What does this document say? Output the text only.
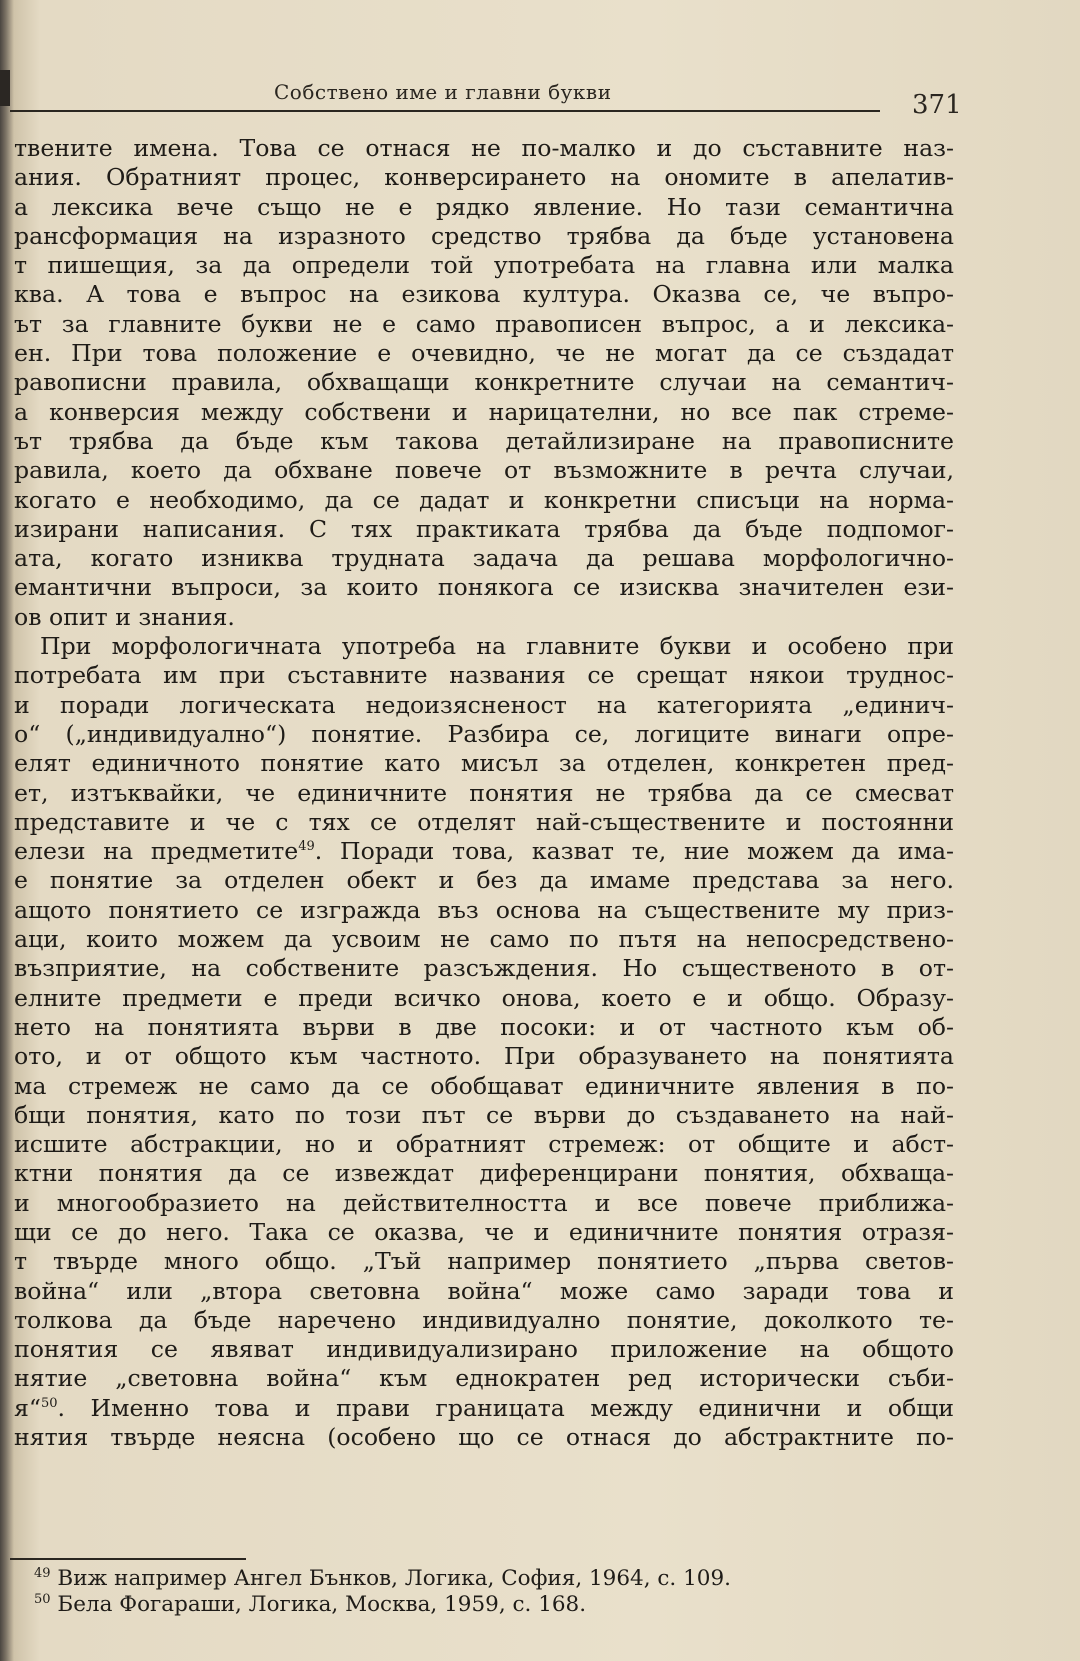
Собствено име и главни букви	371
твените имена. Това се отнася не по-малко и до съставните наз-
ания. Обратният процес, конверсирането на ономите в апелатив-
а лексика вече също не е рядко явление. Но тази семантична
рансформация на изразното средство трябва да бъде установена
т пишещия, за да определи той употребата на главна или малка
ква. А това е въпрос на езикова култура. Оказва се, че въпро-
ът за главните букви не е само правописен въпрос, а и лексика-
ен. При това положение е очевидно, че не могат да се създадат
равописни правила, обхващащи конкретните случаи на семантич-
а конверсия между собствени и нарицателни, но все пак стреме-
ът трябва да бъде към такова детайлизиране на правописните
равила, което да обхване повече от възможните в речта случаи,
когато е необходимо, да се дадат и конкретни списъци на норма-
изирани написания. С тях практиката трябва да бъде подпомог-
ата, когато изниква трудната задача да решава морфологично-
емантични въпроси, за които понякога се изисква значителен ези-
ов опит и знания.
При морфологичната употреба на главните букви и особено при
потребата им при съставните названия се срещат някои труднос-
и поради логическата недоизясненост на категорията „единич-
о“ („индивидуално“) понятие. Разбира се, логиците винаги опре-
елят единичното понятие като мисъл за отделен, конкретен пред-
ет, изтъквайки, че единичните понятия не трябва да се смесват
представите и че с тях се отделят най-съществените и постоянни
елези на предметите$^{49}$. Поради това, казват те, ние можем да има-
е понятие за отделен обект и без да имаме представа за него.
ащото понятието се изгражда въз основа на съществените му приз-
аци, които можем да усвоим не само по пътя на непосредствено-
възприятие, на собствените разсъждения. Но същественото в от-
елните предмети е преди всичко онова, което е и общо. Образу-
нето на понятията върви в две посоки: и от частното към об-
ото, и от общото към частното. При образуването на понятията
ма стремеж не само да се обобщават единичните явления в по-
бщи понятия, като по този път се върви до създаването на най-
исшите абстракции, но и обратният стремеж: от общите и абст-
ктни понятия да се извеждат диференцирани понятия, обхваща-
и многообразието на действителността и все повече приближа-
щи се до него. Така се оказва, че и единичните понятия отразя-
т твърде много общо. „Тъй например понятието „първа светов-
война“ или „втора световна война“ може само заради това и
толкова да бъде наречено индивидуално понятие, доколкото те-
понятия се явяват индивидуализирано приложение на общото
нятие „световна война“ към еднократен ред исторически съби-
я“$^{50}$. Именно това и прави границата между единични и общи
нятия твърде неясна (особено що се отнася до абстрактните по-
$^{49}$ Виж например Ангел Бънков, Логика, София, 1964, с. 109.
$^{50}$ Бела Фогараши, Логика, Москва, 1959, с. 168.
